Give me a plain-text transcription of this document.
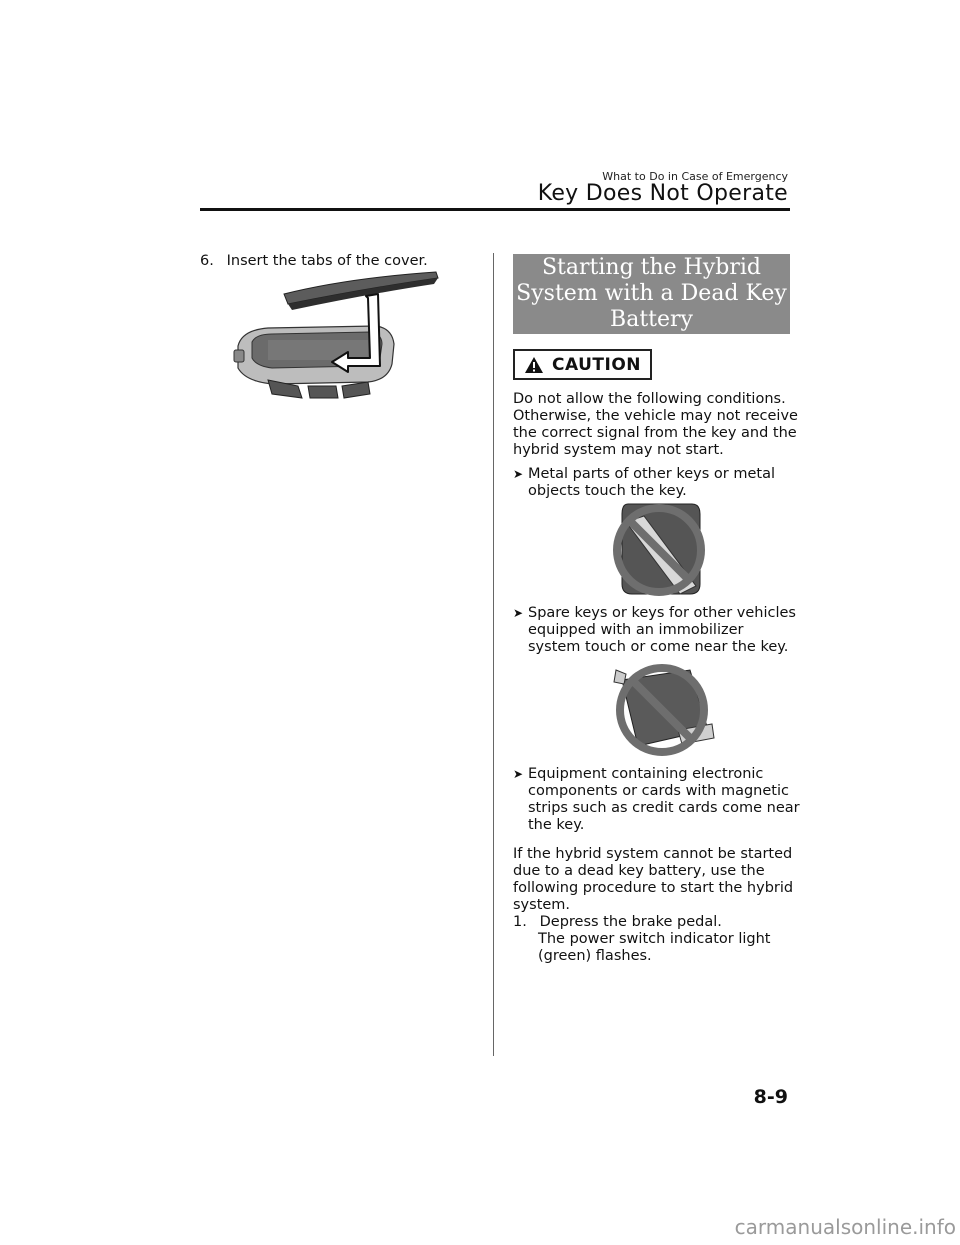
What to Do in Case of Emergency
Key Does Not Operate
6. Insert the tabs of the cover.	Starting the Hybrid
System with a Dead Key
Battery
CAUTION

Do not allow the following conditions.
Otherwise, the vehicle may not receive
the correct signal from the key and the
hybrid system may not start.

➤ Metal parts of other keys or metal
objects touch the key.
➤ Spare keys or keys for other vehicles
equipped with an immobilizer
system touch or come near the key.
➤ Equipment containing electronic
components or cards with magnetic
strips such as credit cards come near
the key.

If the hybrid system cannot be started
due to a dead key battery, use the
following procedure to start the hybrid
system.

1. Depress the brake pedal.

The power switch indicator light
(green) flashes.

8-9
carmanualsonline.info
